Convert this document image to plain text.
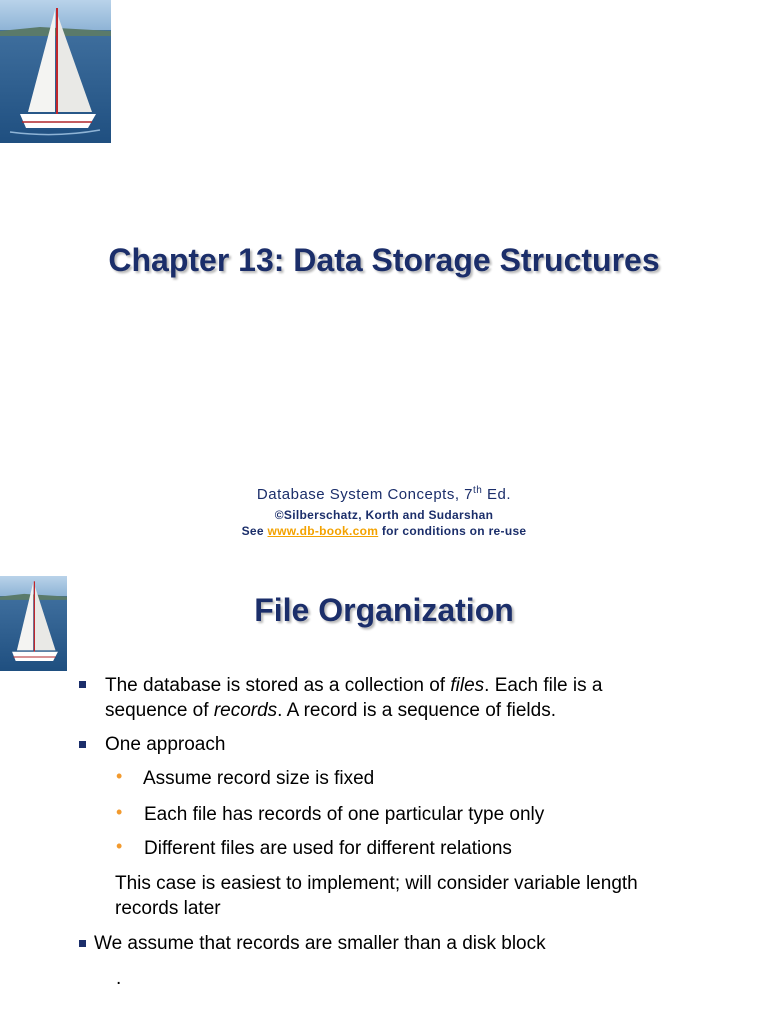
Chapter 13: Data Storage Structures
Database System Concepts, 7th Ed.
©Silberschatz, Korth and Sudarshan
See www.db-book.com for conditions on re-use
File Organization
The database is stored as a collection of files. Each file is a
sequence of records. A record is a sequence of fields.
One approach
• Assume record size is fixed
• Each file has records of one particular type only
• Different files are used for different relations
This case is easiest to implement; will consider variable length
records later
We assume that records are smaller than a disk block
.
